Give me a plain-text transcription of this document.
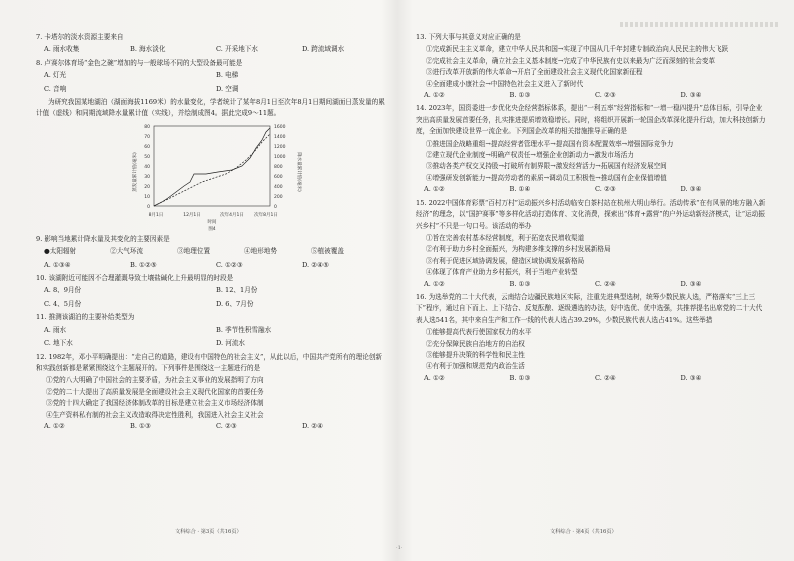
7. 卡塔尔的淡水资源主要来自
A. 雨水收集	B. 海水淡化	C. 开采地下水	D. 跨流域调水
8. 卢赛尔体育场“金色之碗”增加的与一般球场不同的大型设备最可能是
A. 灯光	B. 电梯
C. 音响	D. 空调
为研究我国某地湖泊（湖面海拔1169米）的水量变化，学者统计了某年8月1日至次年8月1日期间湖面日蒸发量的累计值（虚线）和同期流域降水量累计值（实线），并绘制成图4。据此完成9～11题。
蒸发量累计值(毫米)	降水量累计值(毫米)
80
70
60
50
40
30
20
10
0
1600
1400
1200
1000
800
600
400
200
0
8月1日	12月1日	次年4月1日 次年8月1日
时间
图4
9. 影响当地累计降水量及其变化的主要因素是
●太阳辐射	②大气环流	③地理位置	④地形地势	⑤植被覆盖
A. ①③④	B. ①②⑤	C. ①②③	D. ②④⑤
10. 该湖附近可能因不合理灌溉导致土壤盐碱化上升最明显的时段是
A. 8、9月份	B. 12、1月份
C. 4、5月份	D. 6、7月份
11. 推测该湖泊的主要补给类型为
A. 雨水	B. 季节性积雪融水
C. 地下水	D. 河流水
12. 1982年，邓小平明确提出：“走自己的道路，建设有中国特色的社会主义”，从此以后，中国共产党所有的理论创新和实践创新都是紧紧围绕这个主题展开的。下列事件是围绕这一主题进行的是
①党的八大明确了中国社会的主要矛盾，为社会主义事业的发展指明了方向
②党的二十大提出了高质量发展是全面建设社会主义现代化国家的首要任务
③党的十四大确定了我国经济体制改革的目标是建立社会主义市场经济体制
④生产资料私有制的社会主义改造取得决定性胜利，我国进入社会主义社会
A. ①②	B. ①③	C. ②③	D. ②④
文科综合 · 第3页（共16页）
13. 下列大事与其意义对应正确的是
①完成新民主主义革命，建立中华人民共和国→实现了中国从几千年封建专制政治向人民民主的伟大飞跃
②完成社会主义革命，确立社会主义基本制度→完成了中华民族有史以来最为广泛而深刻的社会变革
③进行改革开放新的伟大革命→开启了全面建设社会主义现代化国家新征程
④全面建成小康社会→中国特色社会主义进入了新时代
A. ①②	B. ①③	C. ②③	D. ③④
14. 2023年，国资委进一步优化央企经营指标体系，提出“一利五率”经营指标和“一增一稳四提升”总体目标，引导企业突出高质量发展首要任务，扎实推进提质增效稳增长。同时，将组织开展新一轮国企改革深化提升行动，加大科技创新力度，全面加快建设世界一流企业。下列国企改革的相关措施推导正确的是
①推进国企战略重组→提高经营者管理水平→提高国有资本配置效率→增强国际竞争力
②建立现代企业制度→明确产权责任→增强企业创新动力→激发市场活力
③推动各类产权交叉持股→打破所有制界限→激发经营活力→拓展国有经济发展空间
④增强研发创新能力→提高劳动者的素质→调动员工积极性→推动国有企业保值增值
A. ①②	B. ①④	C. ②③	D. ③④
15. 2022中国体育彩票“百村万村”运动振兴乡村活动临安白茶村站在杭州大明山举行。活动传承“在有风景的地方融入新经济”的理念，以“国护赛事”等多样化活动打造体育、文化消费，探索出“体育+露营”的户外运动新经济模式，让“运动振兴乡村”不只是一句口号。该活动的举办
①旨在完善农村基本经营制度，利于拓宽农民增收渠道
②有利于助力乡村全面振兴，为构建多维支撑的乡村发展新格局
③有利于促进区域协调发展，健造区域协调发展新格局
④体现了体育产业助力乡村振兴，利于当地产业转型
A. ①②	B. ①③	C. ②④	D. ③④
16. 为选举党的二十大代表，云南结合边疆民族地区实际，注重先进典型选树，统筹少数民族人选，严格落实“三上三下”程序，通过自下而上、上下结合、反复酝酿、逐级遴选的办法，好中选优、优中选强，共推荐提名出席党的二十大代表人选541名，其中来自生产和工作一线的代表人选占39.29%，少数民族代表人选占41%。这些举措
①能够提高代表行使国家权力的水平
②充分保障民族自治地方的自治权
③能够提升决策的科学性和民主性
④有利于加强和规范党内政治生活
A. ①②	B. ①③	C. ②④	D. ③④
文科综合 · 第4页（共16页）
·1·
